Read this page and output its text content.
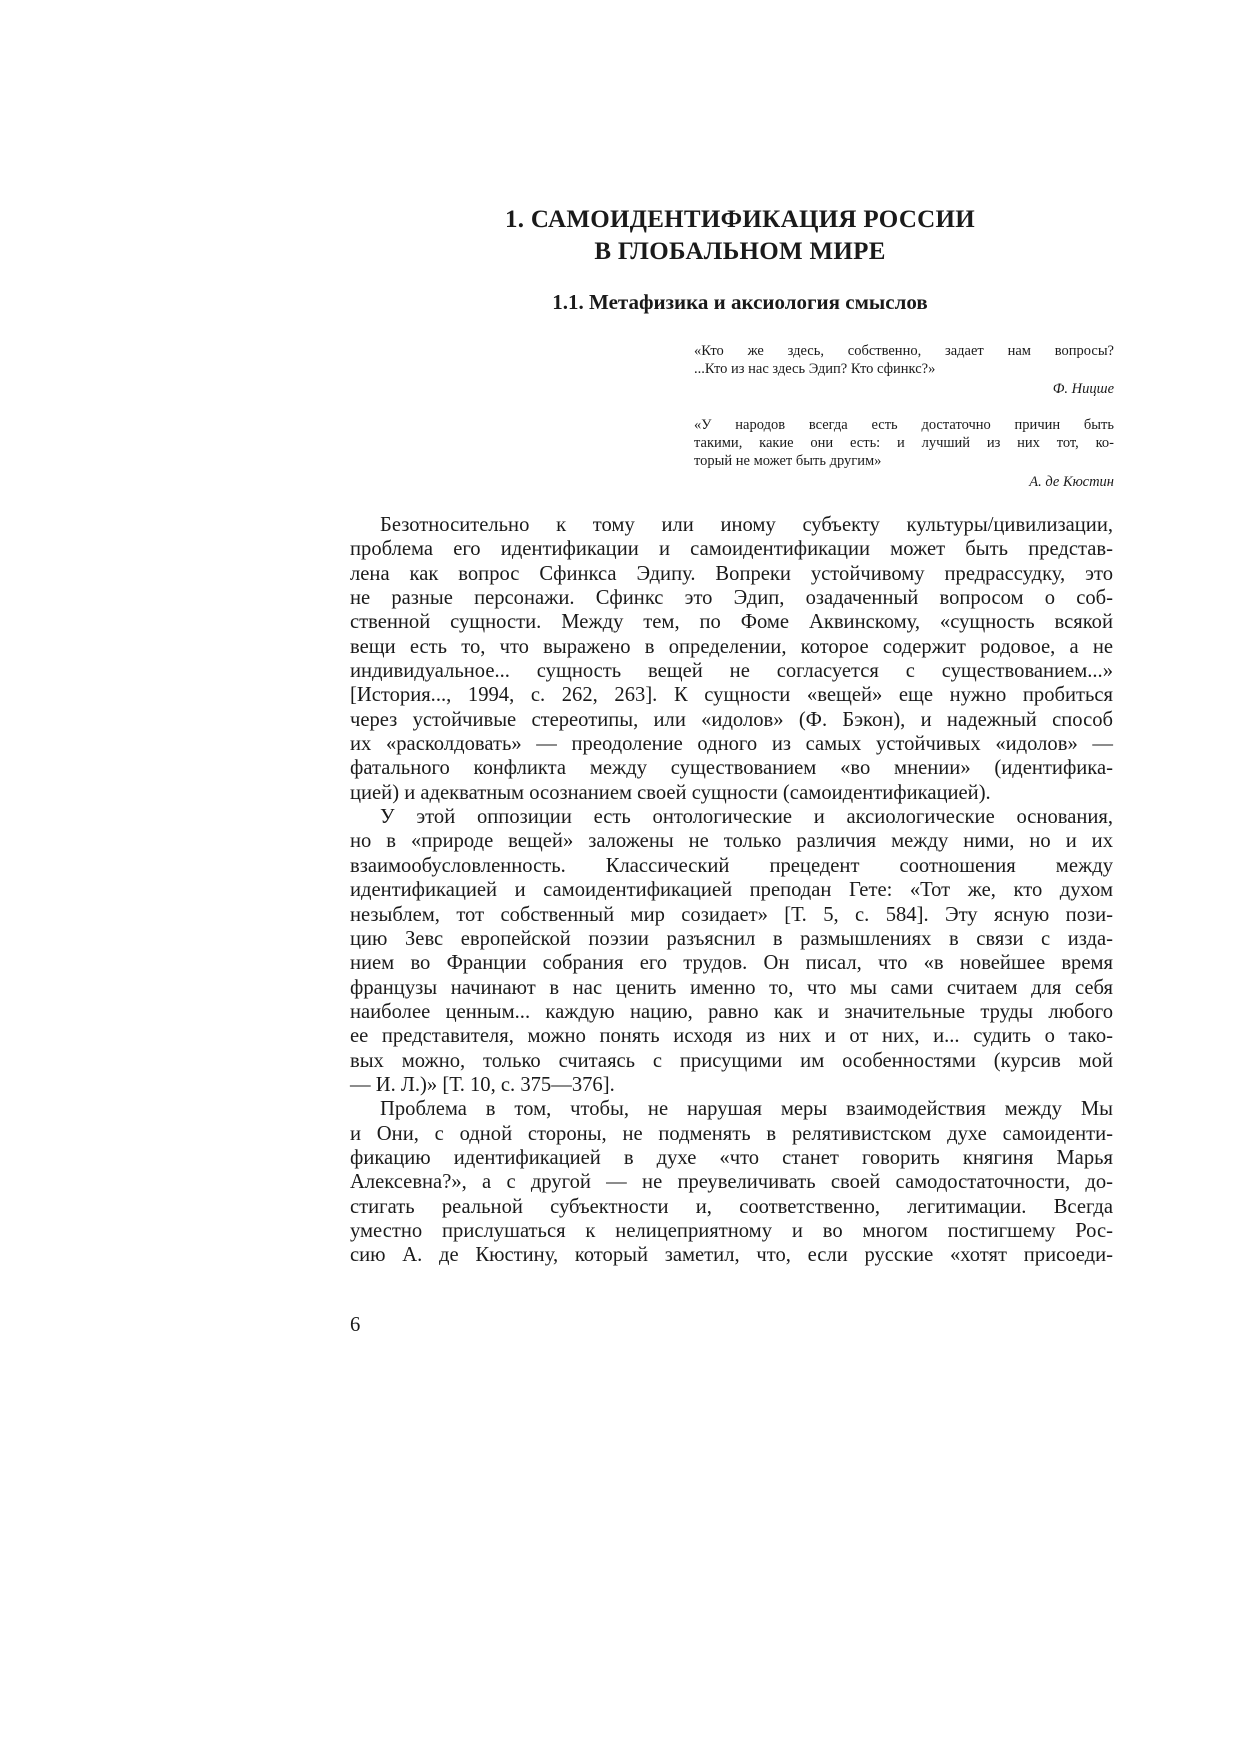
1. САМОИДЕНТИФИКАЦИЯ РОССИИ
В ГЛОБАЛЬНОМ МИРЕ
1.1. Метафизика и аксиология смыслов
«Кто же здесь, собственно, задает нам вопросы?
...Кто из нас здесь Эдип? Кто сфинкс?»
Ф. Ницше
«У народов всегда есть достаточно причин быть
такими, какие они есть: и лучший из них тот, ко-
торый не может быть другим»
А. де Кюстин
Безотносительно к тому или иному субъекту культуры/цивилизации,
проблема его идентификации и самоидентификации может быть представ-
лена как вопрос Сфинкса Эдипу. Вопреки устойчивому предрассудку, это
не разные персонажи. Сфинкс это Эдип, озадаченный вопросом о соб-
ственной сущности. Между тем, по Фоме Аквинскому, «сущность всякой
вещи есть то, что выражено в определении, которое содержит родовое, а не
индивидуальное... сущность вещей не согласуется с существованием...»
[История..., 1994, с. 262, 263]. К сущности «вещей» еще нужно пробиться
через устойчивые стереотипы, или «идолов» (Ф. Бэкон), и надежный способ
их «расколдовать» — преодоление одного из самых устойчивых «идолов» —
фатального конфликта между существованием «во мнении» (идентифика-
цией) и адекватным осознанием своей сущности (самоидентификацией).
У этой оппозиции есть онтологические и аксиологические основания,
но в «природе вещей» заложены не только различия между ними, но и их
взаимообусловленность. Классический прецедент соотношения между
идентификацией и самоидентификацией преподан Гете: «Тот же, кто духом
незыблем, тот собственный мир созидает» [Т. 5, с. 584]. Эту ясную пози-
цию Зевс европейской поэзии разъяснил в размышлениях в связи с изда-
нием во Франции собрания его трудов. Он писал, что «в новейшее время
французы начинают в нас ценить именно то, что мы сами считаем для себя
наиболее ценным... каждую нацию, равно как и значительные труды любого
ее представителя, можно понять исходя из них и от них, и... судить о тако-
вых можно, только считаясь с присущими им особенностями (курсив мой
— И. Л.)» [Т. 10, с. 375—376].
Проблема в том, чтобы, не нарушая меры взаимодействия между Мы
и Они, с одной стороны, не подменять в релятивистском духе самоиденти-
фикацию идентификацией в духе «что станет говорить княгиня Марья
Алексевна?», а с другой — не преувеличивать своей самодостаточности, до-
стигать реальной субъектности и, соответственно, легитимации. Всегда
уместно прислушаться к нелицеприятному и во многом постигшему Рос-
сию А. де Кюстину, который заметил, что, если русские «хотят присоеди-
6
